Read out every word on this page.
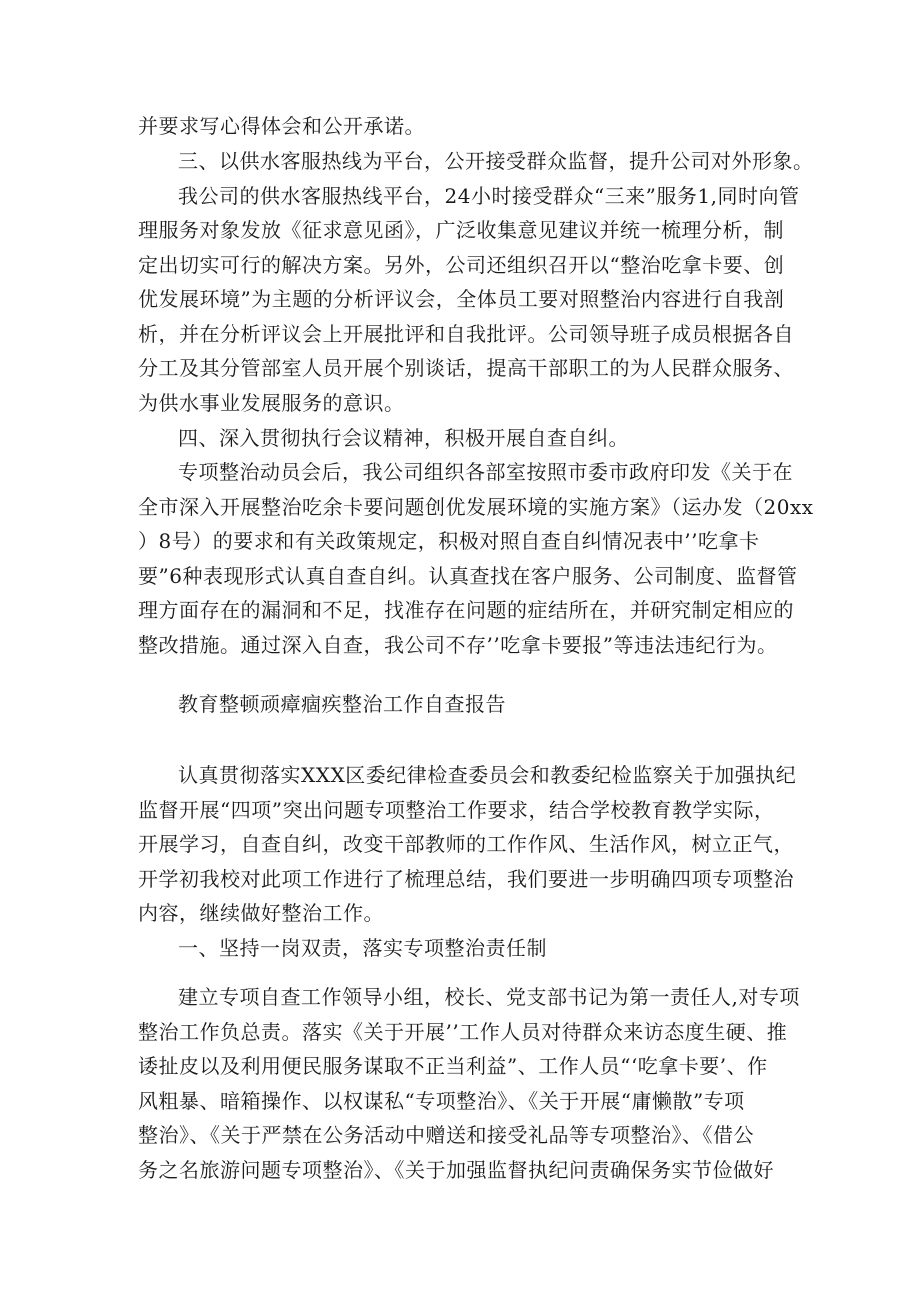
并要求写心得体会和公开承诺。
三、以供水客服热线为平台，公开接受群众监督，提升公司对外形象。
我公司的供水客服热线平台，24小时接受群众“三来”服务1,同时向管
理服务对象发放《征求意见函》，广泛收集意见建议并统一梳理分析，制
定出切实可行的解决方案。另外，公司还组织召开以“整治吃拿卡要、创
优发展环境”为主题的分析评议会，全体员工要对照整治内容进行自我剖
析，并在分析评议会上开展批评和自我批评。公司领导班子成员根据各自
分工及其分管部室人员开展个别谈话，提高干部职工的为人民群众服务、
为供水事业发展服务的意识。
四、深入贯彻执行会议精神，积极开展自查自纠。
专项整治动员会后，我公司组织各部室按照市委市政府印发《关于在
全市深入开展整治吃余卡要问题创优发展环境的实施方案》（运办发（20xx
）8号）的要求和有关政策规定，积极对照自查自纠情况表中’’吃拿卡
要”6种表现形式认真自查自纠。认真查找在客户服务、公司制度、监督管
理方面存在的漏洞和不足，找准存在问题的症结所在，并研究制定相应的
整改措施。通过深入自查，我公司不存’’吃拿卡要报”等违法违纪行为。
教育整顿顽瘴痼疾整治工作自查报告
认真贯彻落实XXX区委纪律检查委员会和教委纪检监察关于加强执纪
监督开展“四项”突出问题专项整治工作要求，结合学校教育教学实际，
开展学习，自查自纠，改变干部教师的工作作风、生活作风，树立正气，
开学初我校对此项工作进行了梳理总结，我们要进一步明确四项专项整治
内容，继续做好整治工作。
一、坚持一岗双责，落实专项整治责任制
建立专项自查工作领导小组，校长、党支部书记为第一责任人,对专项
整治工作负总责。落实《关于开展’’工作人员对待群众来访态度生硬、推
诿扯皮以及利用便民服务谋取不正当利益”、工作人员“‘吃拿卡要’、作
风粗暴、暗箱操作、以权谋私“专项整治》、《关于开展“庸懒散”专项
整治》、《关于严禁在公务活动中赠送和接受礼品等专项整治》、《借公
务之名旅游问题专项整治》、《关于加强监督执纪问责确保务实节俭做好
